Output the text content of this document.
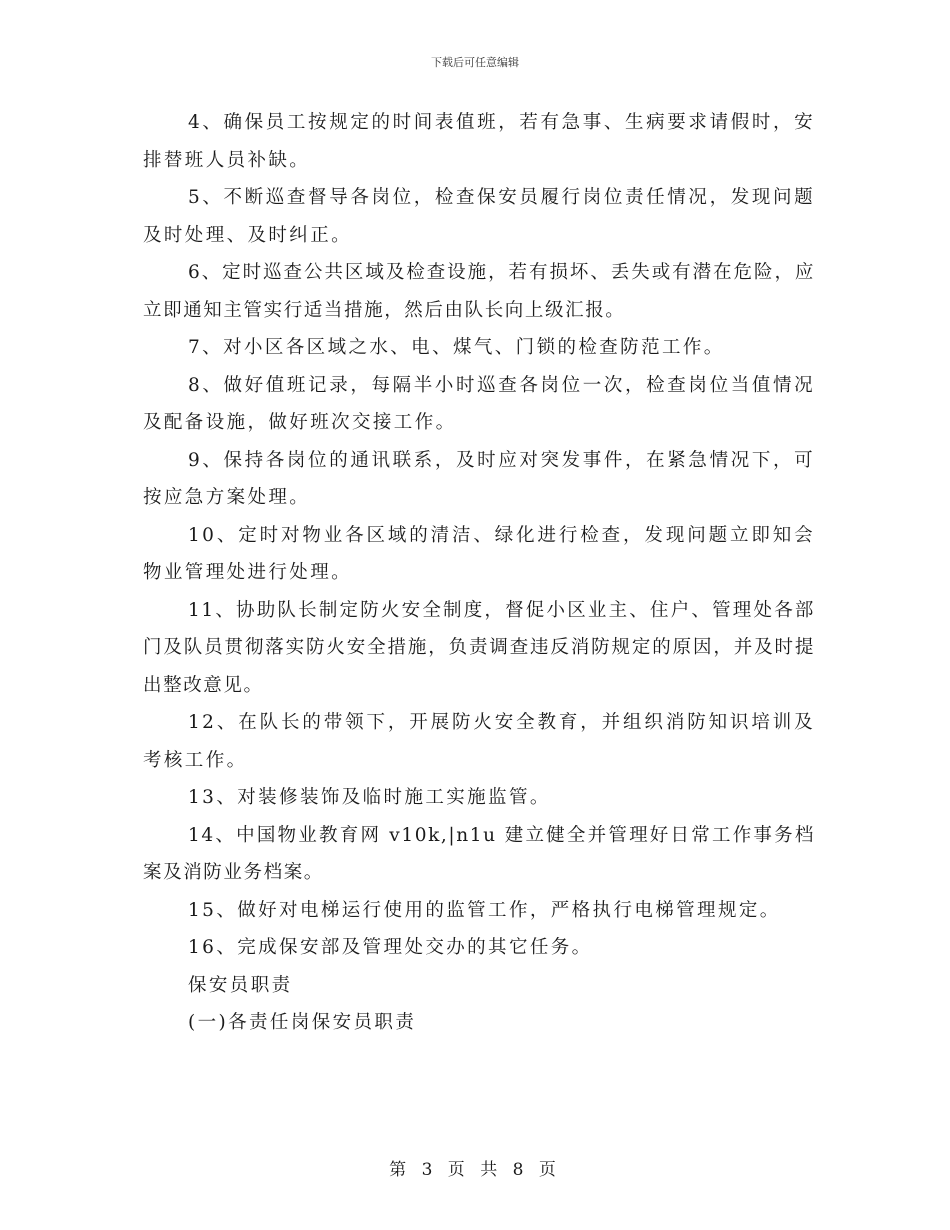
下载后可任意编辑

4、确保员工按规定的时间表值班，若有急事、生病要求请假时，安排替班人员补缺。

5、不断巡查督导各岗位，检查保安员履行岗位责任情况，发现问题及时处理、及时纠正。

6、定时巡查公共区域及检查设施，若有损坏、丢失或有潜在危险，应立即通知主管实行适当措施，然后由队长向上级汇报。

7、对小区各区域之水、电、煤气、门锁的检查防范工作。

8、做好值班记录，每隔半小时巡查各岗位一次，检查岗位当值情况及配备设施，做好班次交接工作。

9、保持各岗位的通讯联系，及时应对突发事件，在紧急情况下，可按应急方案处理。

10、定时对物业各区域的清洁、绿化进行检查，发现问题立即知会物业管理处进行处理。

11、协助队长制定防火安全制度，督促小区业主、住户、管理处各部门及队员贯彻落实防火安全措施，负责调查违反消防规定的原因，并及时提出整改意见。

12、在队长的带领下，开展防火安全教育，并组织消防知识培训及考核工作。

13、对装修装饰及临时施工实施监管。

14、中国物业教育网 v10k,|n1u 建立健全并管理好日常工作事务档案及消防业务档案。

15、做好对电梯运行使用的监管工作，严格执行电梯管理规定。

16、完成保安部及管理处交办的其它任务。

保安员职责

(一)各责任岗保安员职责

第 3 页 共 8 页
